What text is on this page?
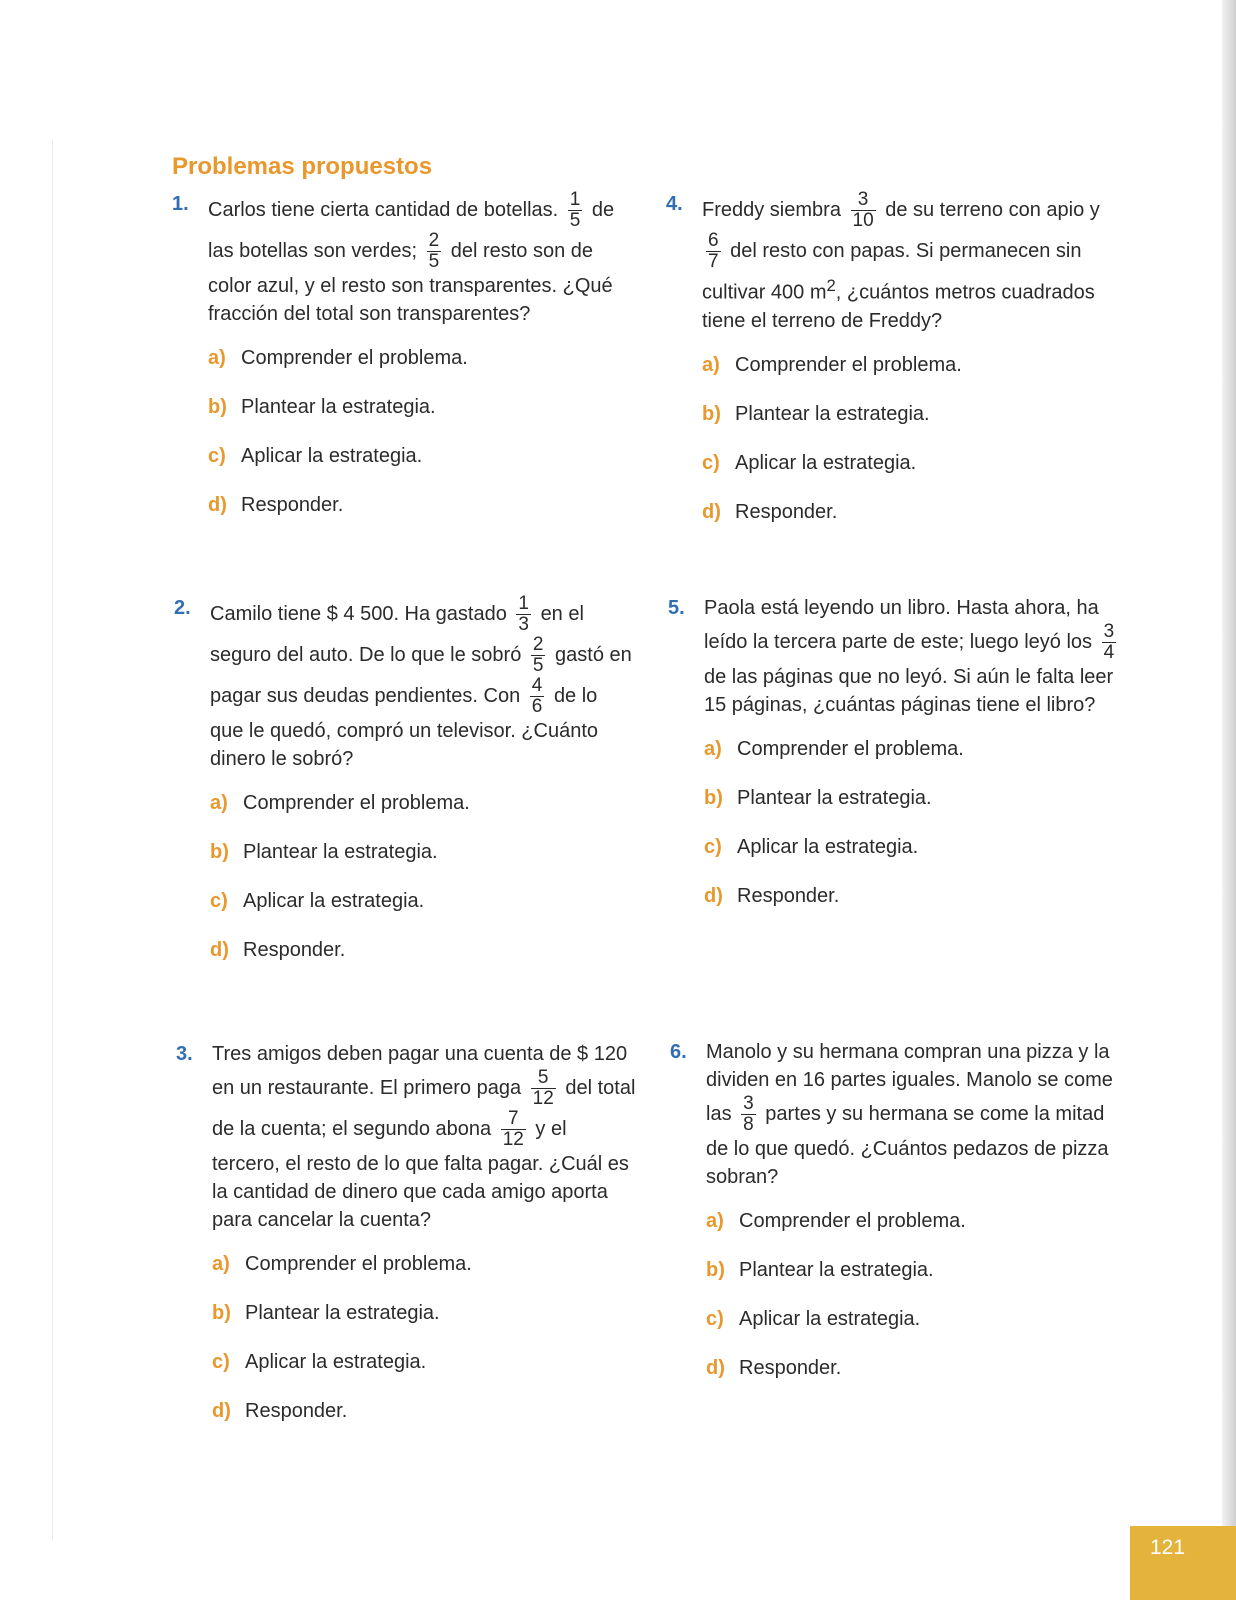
Problemas propuestos

1. Carlos tiene cierta cantidad de botellas. $\frac{1}{5}$ de las botellas son verdes; $\frac{2}{5}$ del resto son de color azul, y el resto son transparentes. ¿Qué fracción del total son transparentes?

a) Comprender el problema.
b) Plantear la estrategia.
c) Aplicar la estrategia.
d) Responder.

2. Camilo tiene $ 4 500. Ha gastado $\frac{1}{3}$ en el seguro del auto. De lo que le sobró $\frac{2}{5}$ gastó en pagar sus deudas pendientes. Con $\frac{4}{6}$ de lo que le quedó, compró un televisor. ¿Cuánto dinero le sobró?

a) Comprender el problema.
b) Plantear la estrategia.
c) Aplicar la estrategia.
d) Responder.

3. Tres amigos deben pagar una cuenta de $ 120 en un restaurante. El primero paga $\frac{5}{12}$ del total de la cuenta; el segundo abona $\frac{7}{12}$ y el tercero, el resto de lo que falta pagar. ¿Cuál es la cantidad de dinero que cada amigo aporta para cancelar la cuenta?

a) Comprender el problema.
b) Plantear la estrategia.
c) Aplicar la estrategia.
d) Responder.

4. Freddy siembra $\frac{3}{10}$ de su terreno con apio y
$\frac{6}{7}$ del resto con papas. Si permanecen sin cultivar 400 $m^2$, ¿cuántos metros cuadrados tiene el terreno de Freddy?

a) Comprender el problema.
b) Plantear la estrategia.
c) Aplicar la estrategia.
d) Responder.

5. Paola está leyendo un libro. Hasta ahora, ha leído la tercera parte de este; luego leyó los $\frac{3}{4}$
de las páginas que no leyó. Si aún le falta leer 15 páginas, ¿cuántas páginas tiene el libro?

a) Comprender el problema.
b) Plantear la estrategia.
c) Aplicar la estrategia.
d) Responder.

6. Manolo y su hermana compran una pizza y la dividen en 16 partes iguales. Manolo se come las $\frac{3}{8}$ partes y su hermana se come la mitad de lo que quedó. ¿Cuántos pedazos de pizza sobran?

a) Comprender el problema.
b) Plantear la estrategia.
c) Aplicar la estrategia.
d) Responder.
121
